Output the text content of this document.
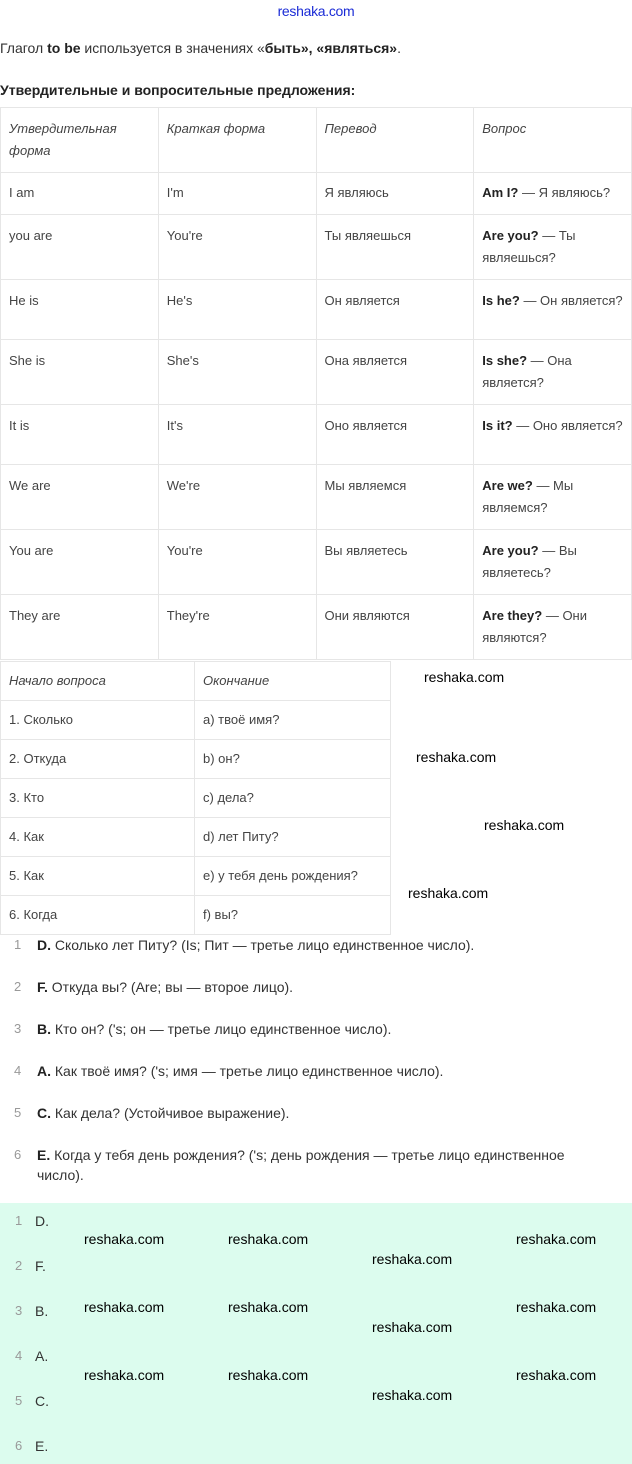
reshaka.com

Глагол to be используется в значениях «быть», «являться».

Утвердительные и вопросительные предложения:
Утвердительная форма	Краткая форма	Перевод	Вопрос
I am	I'm	Я являюсь	Am I? — Я являюсь?
you are	You're	Ты являешься	Are you? — Ты являешься?
He is	He's	Он является	Is he? — Он является?
She is	She's	Она является	Is she? — Она является?
It is	It's	Оно является	Is it? — Оно является?
We are	We're	Мы являемся	Are we? — Мы являемся?
You are	You're	Вы являетесь	Are you? — Вы являетесь?
They are	They're	Они являются	Are they? — Они являются?
Начало вопроса	Окончание
1. Сколько	a) твоё имя?
2. Откуда	b) он?
3. Кто	c) дела?
4. Как	d) лет Питу?
5. Как	e) у тебя день рождения?
6. Когда	f) вы?
reshaka.com
reshaka.com
reshaka.com
reshaka.com
1 D. Сколько лет Питу? (Is; Пит — третье лицо единственное число).
2 F. Откуда вы? (Are; вы — второе лицо).
3 B. Кто он? ('s; он — третье лицо единственное число).
4 A. Как твоё имя? ('s; имя — третье лицо единственное число).
5 C. Как дела? (Устойчивое выражение).
6 E. Когда у тебя день рождения? ('s; день рождения — третье лицо единственное число).
1 D.
2 F.
3 B.
4 A.
5 C.
6 E.
reshaka.com	reshaka.com	reshaka.com
reshaka.com
reshaka.com	reshaka.com	reshaka.com
reshaka.com
reshaka.com	reshaka.com	reshaka.com
reshaka.com
